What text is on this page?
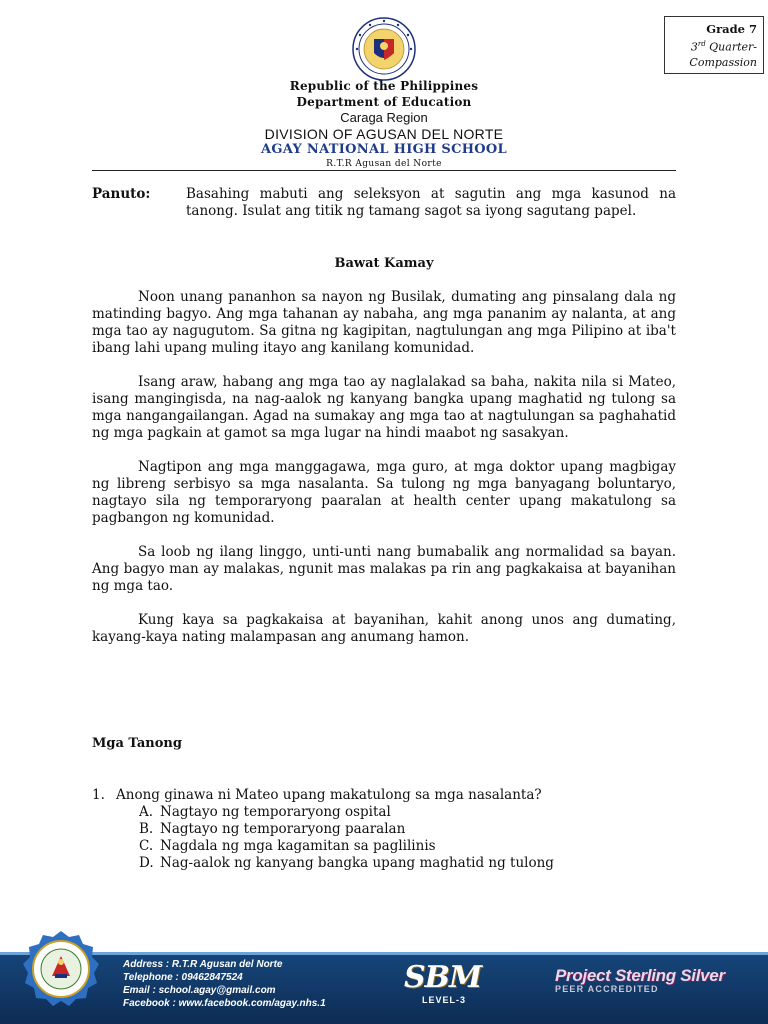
Grade 7
3rd Quarter-
Compassion
Republic of the Philippines
Department of Education
Caraga Region
DIVISION OF AGUSAN DEL NORTE
AGAY NATIONAL HIGH SCHOOL
R.T.R Agusan del Norte
Panuto:	Basahing mabuti ang seleksyon at sagutin ang mga kasunod na tanong. Isulat ang titik ng tamang sagot sa iyong sagutang papel.
Bawat Kamay

Noon unang pananhon sa nayon ng Busilak, dumating ang pinsalang dala ng matinding bagyo. Ang mga tahanan ay nabaha, ang mga pananim ay nalanta, at ang mga tao ay nagugutom. Sa gitna ng kagipitan, nagtulungan ang mga Pilipino at iba't ibang lahi upang muling itayo ang kanilang komunidad.

Isang araw, habang ang mga tao ay naglalakad sa baha, nakita nila si Mateo, isang mangingisda, na nag-aalok ng kanyang bangka upang maghatid ng tulong sa mga nangangailangan. Agad na sumakay ang mga tao at nagtulungan sa paghahatid ng mga pagkain at gamot sa mga lugar na hindi maabot ng sasakyan.

Nagtipon ang mga manggagawa, mga guro, at mga doktor upang magbigay ng libreng serbisyo sa mga nasalanta. Sa tulong ng mga banyagang boluntaryo, nagtayo sila ng temporaryong paaralan at health center upang makatulong sa pagbangon ng komunidad.

Sa loob ng ilang linggo, unti-unti nang bumabalik ang normalidad sa bayan. Ang bagyo man ay malakas, ngunit mas malakas pa rin ang pagkakaisa at bayanihan ng mga tao.

Kung kaya sa pagkakaisa at bayanihan, kahit anong unos ang dumating, kayang-kaya nating malampasan ang anumang hamon.

Mga Tanong
1. Anong ginawa ni Mateo upang makatulong sa mga nasalanta?
A. Nagtayo ng temporaryong ospital
B. Nagtayo ng temporaryong paaralan
C. Nagdala ng mga kagamitan sa paglilinis
D. Nag-aalok ng kanyang bangka upang maghatid ng tulong
Address : R.T.R Agusan del Norte
Telephone : 09462847524
Email : school.agay@gmail.com
Facebook : www.facebook.com/agay.nhs.1
SBM
LEVEL-3
Project Sterling Silver
PEER ACCREDITED
